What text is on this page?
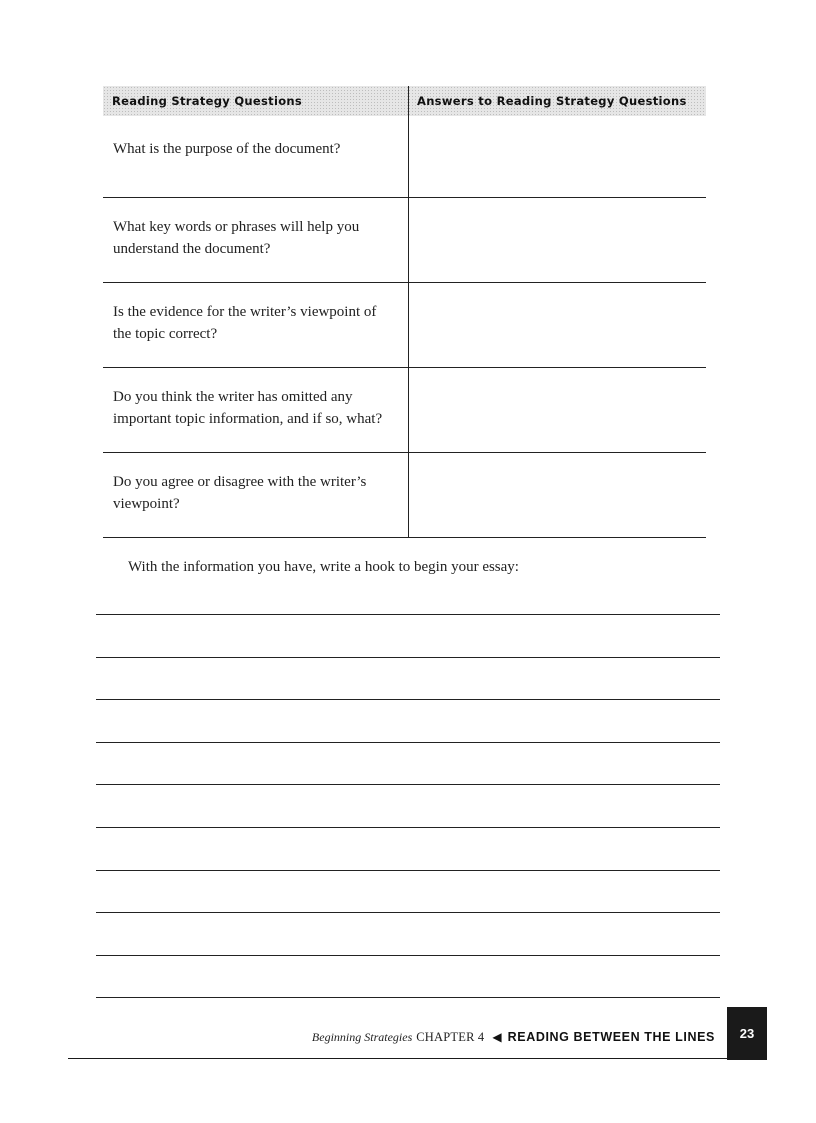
Reading Strategy Questions	Answers to Reading Strategy Questions
What is the purpose of the document?
What key words or phrases will help you understand the document?
Is the evidence for the writer’s viewpoint of the topic correct?
Do you think the writer has omitted any important topic information, and if so, what?
Do you agree or disagree with the writer’s viewpoint?
With the information you have, write a hook to begin your essay:
Beginning Strategies CHAPTER 4 ◀ READING BETWEEN THE LINES	23
